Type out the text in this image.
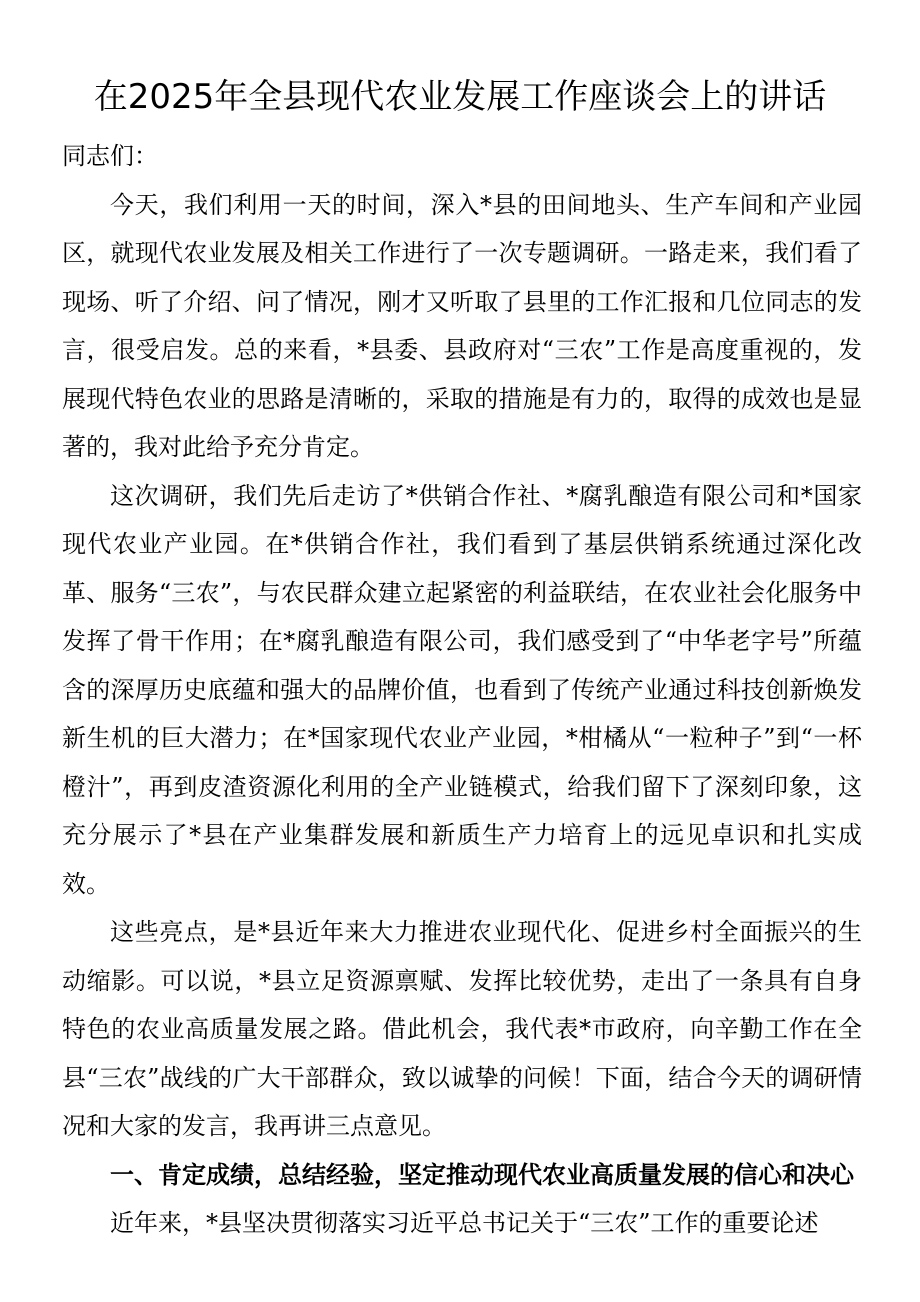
在2025年全县现代农业发展工作座谈会上的讲话

同志们：

今天，我们利用一天的时间，深入*县的田间地头、生产车间和产业园区，就现代农业发展及相关工作进行了一次专题调研。一路走来，我们看了现场、听了介绍、问了情况，刚才又听取了县里的工作汇报和几位同志的发言，很受启发。总的来看，*县委、县政府对“三农”工作是高度重视的，发展现代特色农业的思路是清晰的，采取的措施是有力的，取得的成效也是显著的，我对此给予充分肯定。

这次调研，我们先后走访了*供销合作社、*腐乳酿造有限公司和*国家现代农业产业园。在*供销合作社，我们看到了基层供销系统通过深化改革、服务“三农”，与农民群众建立起紧密的利益联结，在农业社会化服务中发挥了骨干作用；在*腐乳酿造有限公司，我们感受到了“中华老字号”所蕴含的深厚历史底蕴和强大的品牌价值，也看到了传统产业通过科技创新焕发新生机的巨大潜力；在*国家现代农业产业园，*柑橘从“一粒种子”到“一杯橙汁”，再到皮渣资源化利用的全产业链模式，给我们留下了深刻印象，这充分展示了*县在产业集群发展和新质生产力培育上的远见卓识和扎实成效。

这些亮点，是*县近年来大力推进农业现代化、促进乡村全面振兴的生动缩影。可以说，*县立足资源禀赋、发挥比较优势，走出了一条具有自身特色的农业高质量发展之路。借此机会，我代表*市政府，向辛勤工作在全县“三农”战线的广大干部群众，致以诚挚的问候！下面，结合今天的调研情况和大家的发言，我再讲三点意见。

一、肯定成绩，总结经验，坚定推动现代农业高质量发展的信心和决心

近年来，*县坚决贯彻落实习近平总书记关于“三农”工作的重要论述
